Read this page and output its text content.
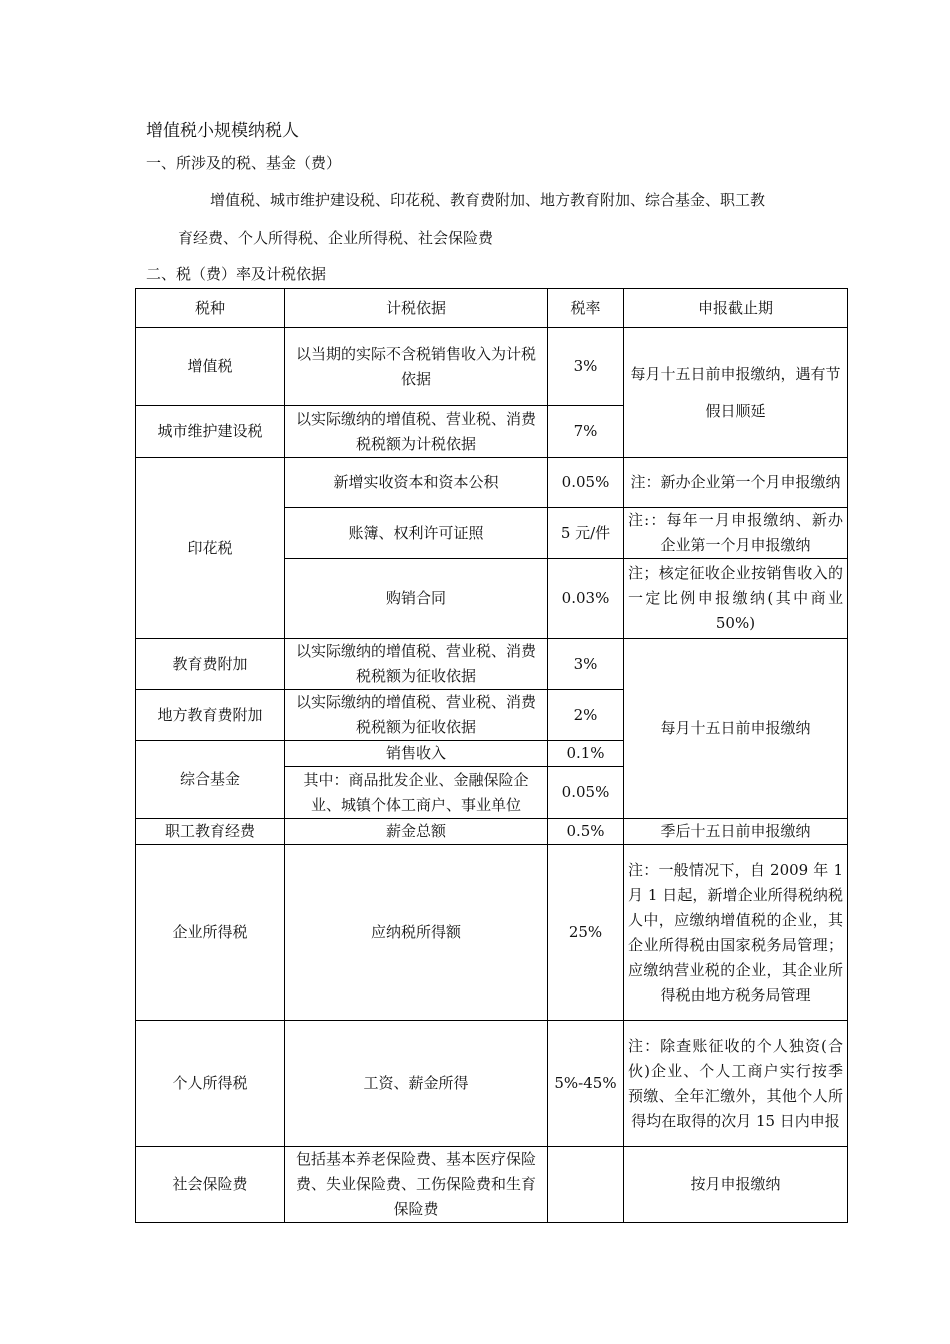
增值税小规模纳税人
一、所涉及的税、基金（费）
增值税、城市维护建设税、印花税、教育费附加、地方教育附加、综合基金、职工教
育经费、个人所得税、企业所得税、社会保险费
二、税（费）率及计税依据
税种	计税依据	税率	申报截止期
增值税	以当期的实际不含税销售收入为计税依据	3%	每月十五日前申报缴纳，遇有节假日顺延
城市维护建设税	以实际缴纳的增值税、营业税、消费税税额为计税依据	7%	
印花税	新增实收资本和资本公积	0.05%	注：新办企业第一个月申报缴纳
	账簿、权利许可证照	5 元/件	注:：每年一月申报缴纳、新办企业第一个月申报缴纳
	购销合同	0.03%	注；核定征收企业按销售收入的一定比例申报缴纳(其中商业 50%)
教育费附加	以实际缴纳的增值税、营业税、消费税税额为征收依据	3%	每月十五日前申报缴纳
地方教育费附加	以实际缴纳的增值税、营业税、消费税税额为征收依据	2%	
综合基金	销售收入	0.1%	
	其中：商品批发企业、金融保险企业、城镇个体工商户、事业单位	0.05%	
职工教育经费	薪金总额	0.5%	季后十五日前申报缴纳
企业所得税	应纳税所得额	25%	注：一般情况下，自 2009 年 1 月 1 日起，新增企业所得税纳税人中，应缴纳增值税的企业，其企业所得税由国家税务局管理；应缴纳营业税的企业，其企业所得税由地方税务局管理
个人所得税	工资、薪金所得	5%-45%	注：除查账征收的个人独资(合伙)企业、个人工商户实行按季预缴、全年汇缴外，其他个人所得均在取得的次月 15 日内申报
社会保险费	包括基本养老保险费、基本医疗保险费、失业保险费、工伤保险费和生育保险费		按月申报缴纳
